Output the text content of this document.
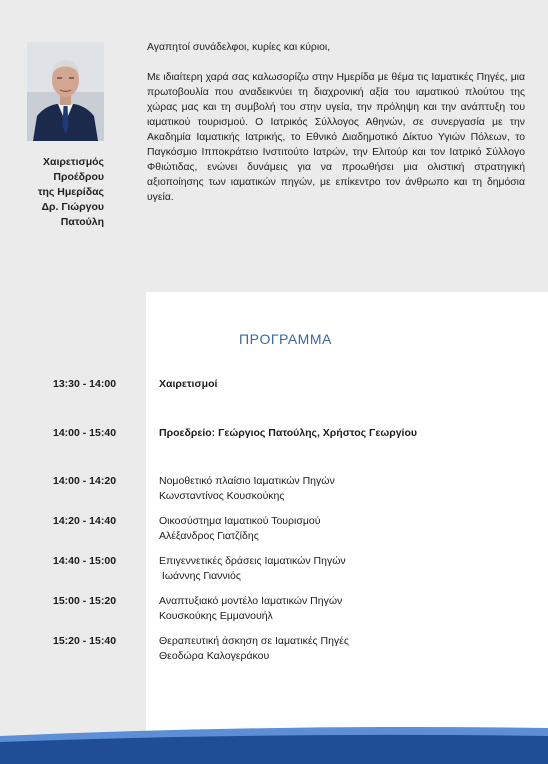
Χαιρετισμός
Προέδρου
της Ημερίδας
Δρ. Γιώργου
Πατούλη
Αγαπητοί συνάδελφοι, κυρίες και κύριοι,
Με ιδιαίτερη χαρά σας καλωσορίζω στην Ημερίδα με θέμα τις Ιαματικές Πηγές, μια πρωτοβουλία που αναδεικνύει τη διαχρονική αξία του ιαματικού πλούτου της χώρας μας και τη συμβολή του στην υγεία, την πρόληψη και την ανάπτυξη του ιαματικού τουρισμού. Ο Ιατρικός Σύλλογος Αθηνών, σε συνεργασία με την Ακαδημία Ιαματικής Ιατρικής, το Εθνικό Διαδημοτικό Δίκτυο Υγιών Πόλεων, το Παγκόσμιο Ιπποκράτειο Ινστιτούτο Ιατρών, την Ελιτούρ και τον Ιατρικό Σύλλογο Φθιώτιδας, ενώνει δυνάμεις για να προωθήσει μια ολιστική στρατηγική αξιοποίησης των ιαματικών πηγών, με επίκεντρο τον άνθρωπο και τη δημόσια υγεία.
ΠΡΟΓΡΑΜΜΑ
13:30 - 14:00	Χαιρετισμοί
14:00 - 15:40	Προεδρείο: Γεώργιος Πατούλης, Χρήστος Γεωργίου
14:00 - 14:20	Νομοθετικό πλαίσιο Ιαματικών Πηγών
Κωνσταντίνος Κουσκούκης
14:20 - 14:40	Οικοσύστημα Ιαματικού Τουρισμού
Αλέξανδρος Γιατζίδης
14:40 - 15:00	Επιγεννετικές δράσεις Ιαματικών Πηγών
Ιωάννης Γιαννιός
15:00 - 15:20	Αναπτυξιακό μοντέλο Ιαματικών Πηγών
Κουσκούκης Εμμανουήλ
15:20 - 15:40	Θεραπευτική άσκηση σε Ιαματικές Πηγές
Θεοδώρα Καλογεράκου
